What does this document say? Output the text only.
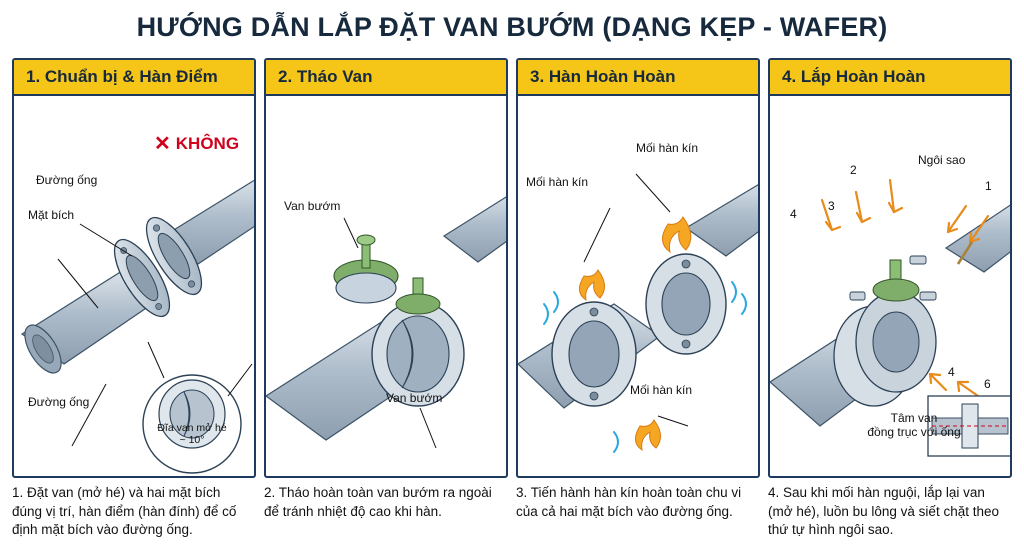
HƯỚNG DẪN LẮP ĐẶT VAN BƯỚM (DẠNG KẸP - WAFER)
1. Chuẩn bị & Hàn Điểm
Đường ống
Mặt bích
Đường ống
Đĩa van mở hé
~ 10°
✕ KHÔNG
2. Tháo Van
Van bướm
Van bướm
3. Hàn Hoàn Hoàn
Mối hàn kín
Mối hàn kín
Mối hàn kín
4. Lắp Hoàn Hoàn
Ngôi sao
1
2
3
4
4
6
Tâm van
đồng trục với ống
1. Đặt van (mở hé) và hai mặt bích đúng vị trí, hàn điểm (hàn đính) để cố định mặt bích vào đường ống.
2. Tháo hoàn toàn van bướm ra ngoài để tránh nhiệt độ cao khi hàn.
3. Tiến hành hàn kín hoàn toàn chu vi của cả hai mặt bích vào đường ống.
4. Sau khi mối hàn nguội, lắp lại van (mở hé), luồn bu lông và siết chặt theo thứ tự hình ngôi sao.
